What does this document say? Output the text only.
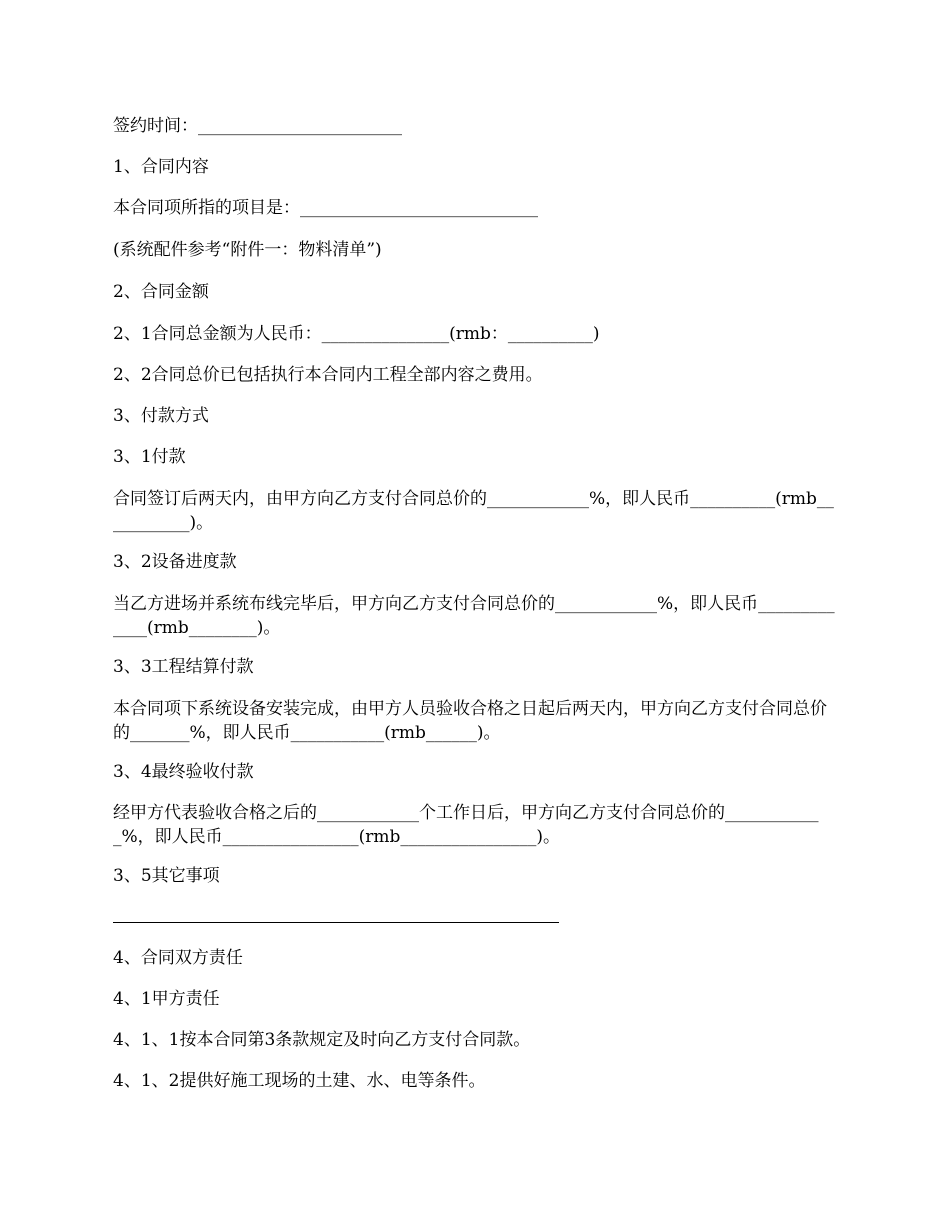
签约时间：________________________

1、合同内容

本合同项所指的项目是：____________________________

(系统配件参考“附件一：物料清单”)

2、合同金额

2、1合同总金额为人民币：_______________(rmb：__________)

2、2合同总价已包括执行本合同内工程全部内容之费用。

3、付款方式

3、1付款

合同签订后两天内，由甲方向乙方支付合同总价的____________%，即人民币__________(rmb___________)。

3、2设备进度款

当乙方进场并系统布线完毕后，甲方向乙方支付合同总价的____________%，即人民币_____________(rmb________)。

3、3工程结算付款

本合同项下系统设备安装完成，由甲方人员验收合格之日起后两天内，甲方向乙方支付合同总价的_______%，即人民币___________(rmb______)。

3、4最终验收付款

经甲方代表验收合格之后的____________个工作日后，甲方向乙方支付合同总价的____________%，即人民币________________(rmb________________)。

3、5其它事项

4、合同双方责任

4、1甲方责任

4、1、1按本合同第3条款规定及时向乙方支付合同款。

4、1、2提供好施工现场的土建、水、电等条件。
